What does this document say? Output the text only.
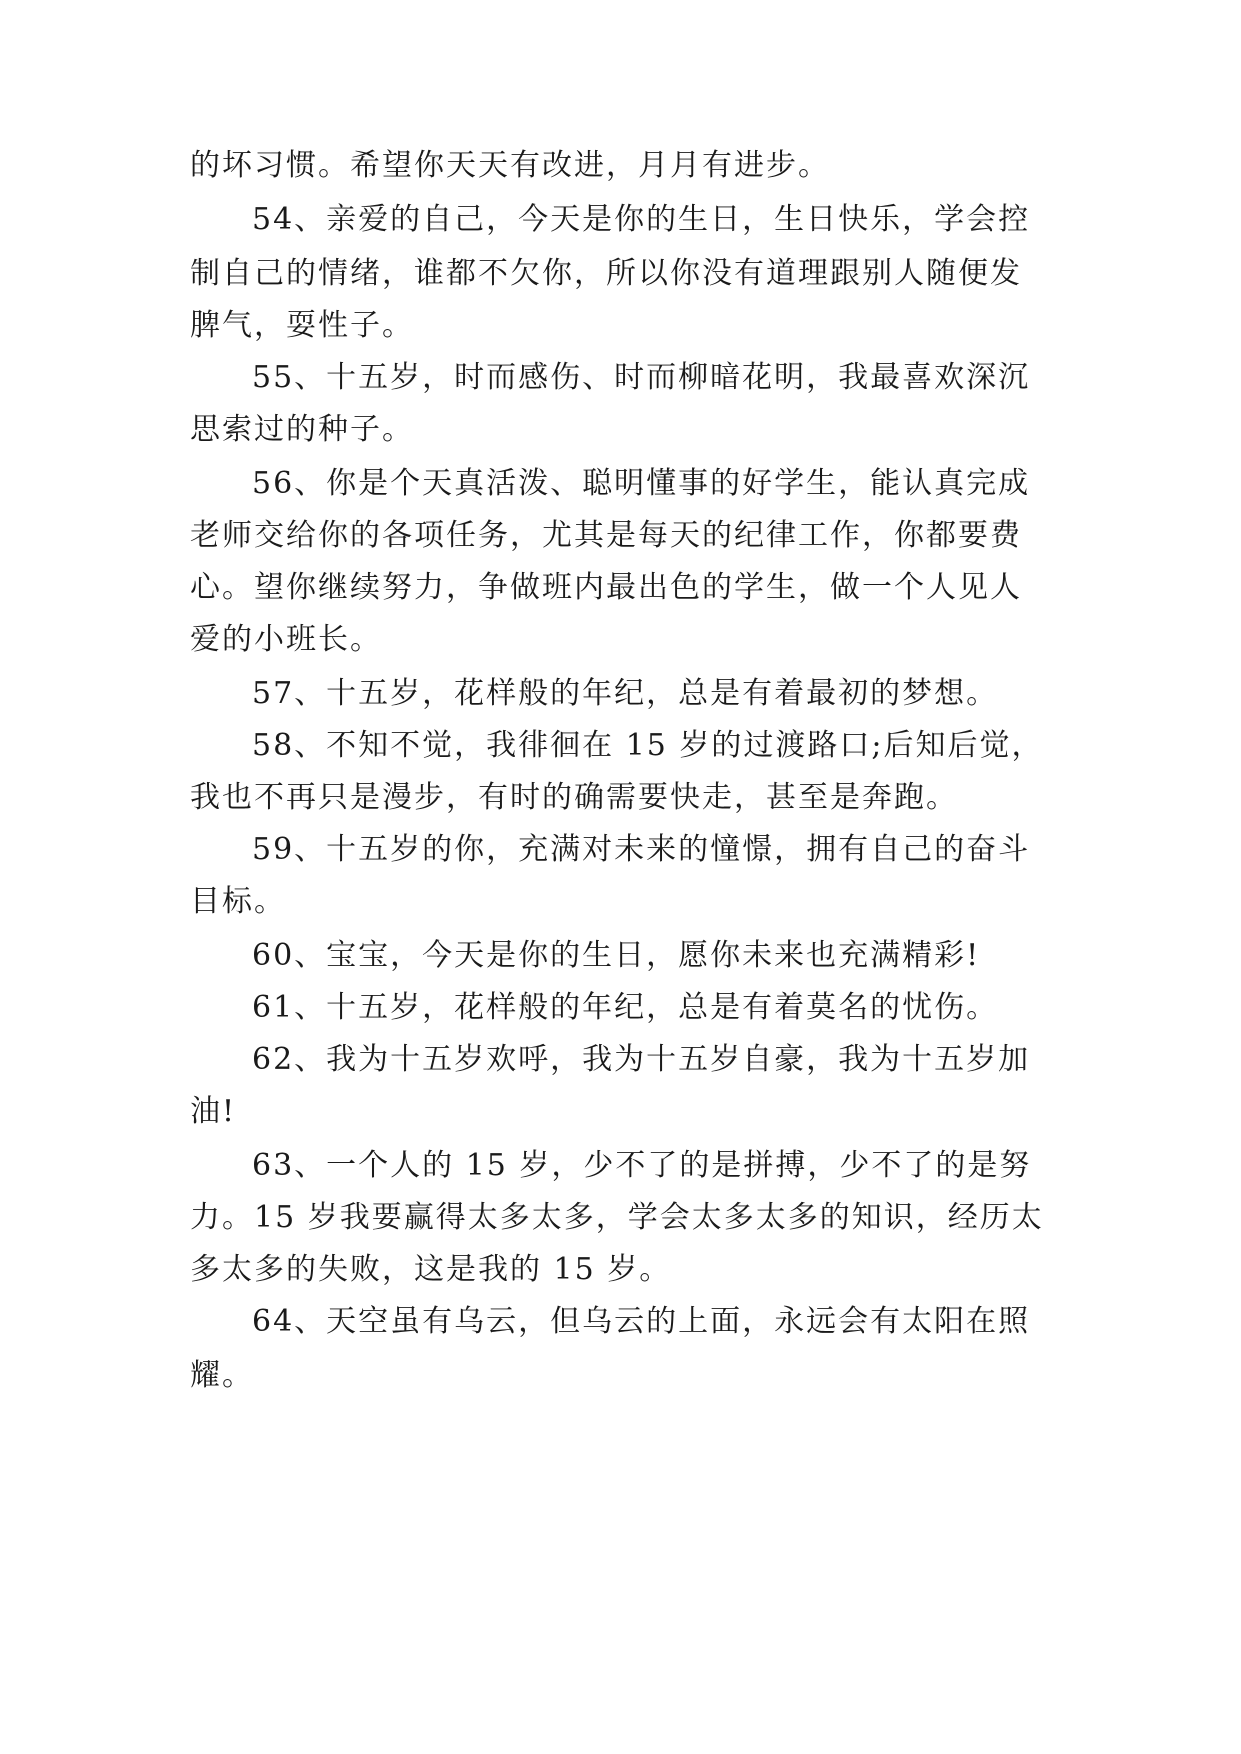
的坏习惯。希望你天天有改进，月月有进步。
54、亲爱的自己，今天是你的生日，生日快乐，学会控
制自己的情绪，谁都不欠你，所以你没有道理跟别人随便发
脾气，耍性子。
55、十五岁，时而感伤、时而柳暗花明，我最喜欢深沉
思索过的种子。
56、你是个天真活泼、聪明懂事的好学生，能认真完成
老师交给你的各项任务，尤其是每天的纪律工作，你都要费
心。望你继续努力，争做班内最出色的学生，做一个人见人
爱的小班长。
57、十五岁，花样般的年纪，总是有着最初的梦想。
58、不知不觉，我徘徊在 15 岁的过渡路口;后知后觉，
我也不再只是漫步，有时的确需要快走，甚至是奔跑。
59、十五岁的你，充满对未来的憧憬，拥有自己的奋斗
目标。
60、宝宝，今天是你的生日，愿你未来也充满精彩!
61、十五岁，花样般的年纪，总是有着莫名的忧伤。
62、我为十五岁欢呼，我为十五岁自豪，我为十五岁加
油!
63、一个人的 15 岁，少不了的是拼搏，少不了的是努
力。15 岁我要赢得太多太多，学会太多太多的知识，经历太
多太多的失败，这是我的 15 岁。
64、天空虽有乌云，但乌云的上面，永远会有太阳在照
耀。
